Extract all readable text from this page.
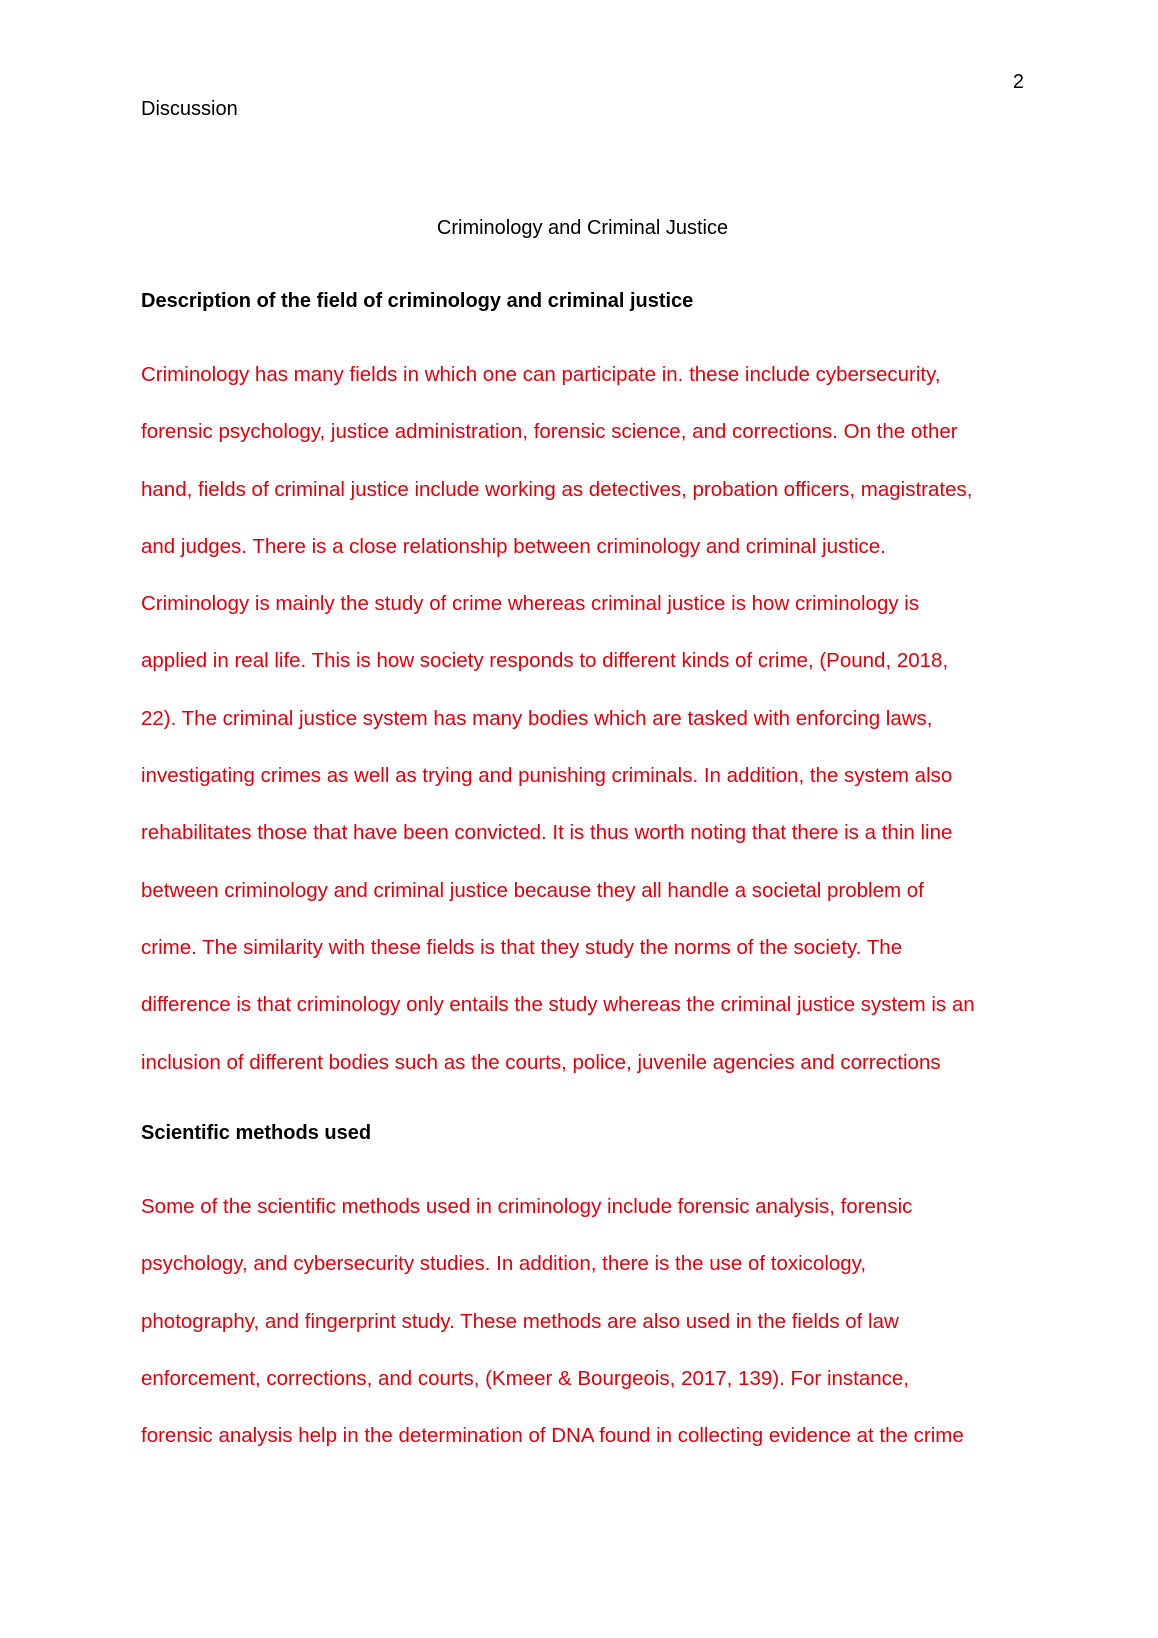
2
Discussion
Criminology and Criminal Justice
Description of the field of criminology and criminal justice
Criminology has many fields in which one can participate in. these include cybersecurity,
forensic psychology, justice administration, forensic science, and corrections. On the other
hand, fields of criminal justice include working as detectives, probation officers, magistrates,
and judges. There is a close relationship between criminology and criminal justice.
Criminology is mainly the study of crime whereas criminal justice is how criminology is
applied in real life. This is how society responds to different kinds of crime, (Pound, 2018,
22). The criminal justice system has many bodies which are tasked with enforcing laws,
investigating crimes as well as trying and punishing criminals. In addition, the system also
rehabilitates those that have been convicted. It is thus worth noting that there is a thin line
between criminology and criminal justice because they all handle a societal problem of
crime. The similarity with these fields is that they study the norms of the society. The
difference is that criminology only entails the study whereas the criminal justice system is an
inclusion of different bodies such as the courts, police, juvenile agencies and corrections
Scientific methods used
Some of the scientific methods used in criminology include forensic analysis, forensic
psychology, and cybersecurity studies. In addition, there is the use of toxicology,
photography, and fingerprint study. These methods are also used in the fields of law
enforcement, corrections, and courts, (Kmeer & Bourgeois, 2017, 139). For instance,
forensic analysis help in the determination of DNA found in collecting evidence at the crime
